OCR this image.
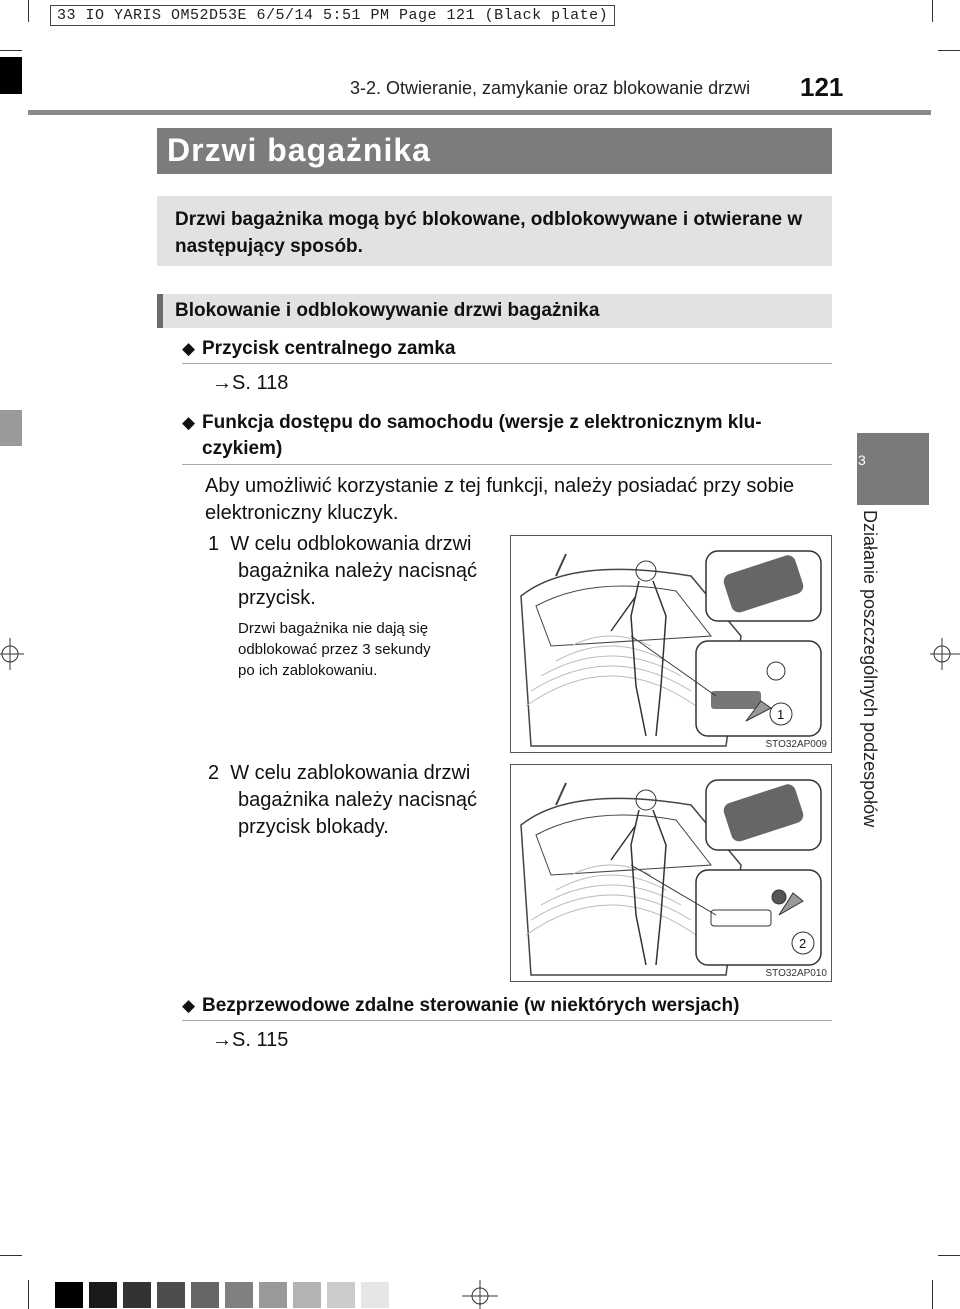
33 IO YARIS OM52D53E 6/5/14 5:51 PM Page 121 (Black plate)
3-2. Otwieranie, zamykanie oraz blokowanie drzwi 121
3
Działanie poszczególnych podzespołów
Drzwi bagażnika
Drzwi bagażnika mogą być blokowane, odblokowywane i otwierane w następujący sposób.
Blokowanie i odblokowywanie drzwi bagażnika
◆ Przycisk centralnego zamka
→S. 118
◆ Funkcja dostępu do samochodu (wersje z elektronicznym klu-
czykiem)
Aby umożliwić korzystanie z tej funkcji, należy posiadać przy sobie
elektroniczny kluczyk.
1 W celu odblokowania drzwi
bagażnika należy nacisnąć
przycisk.
Drzwi bagażnika nie dają się
odblokować przez 3 sekundy
po ich zablokowaniu.
1
STO32AP009
2 W celu zablokowania drzwi
bagażnika należy nacisnąć
przycisk blokady.
2
STO32AP010
◆ Bezprzewodowe zdalne sterowanie (w niektórych wersjach)
→S. 115
